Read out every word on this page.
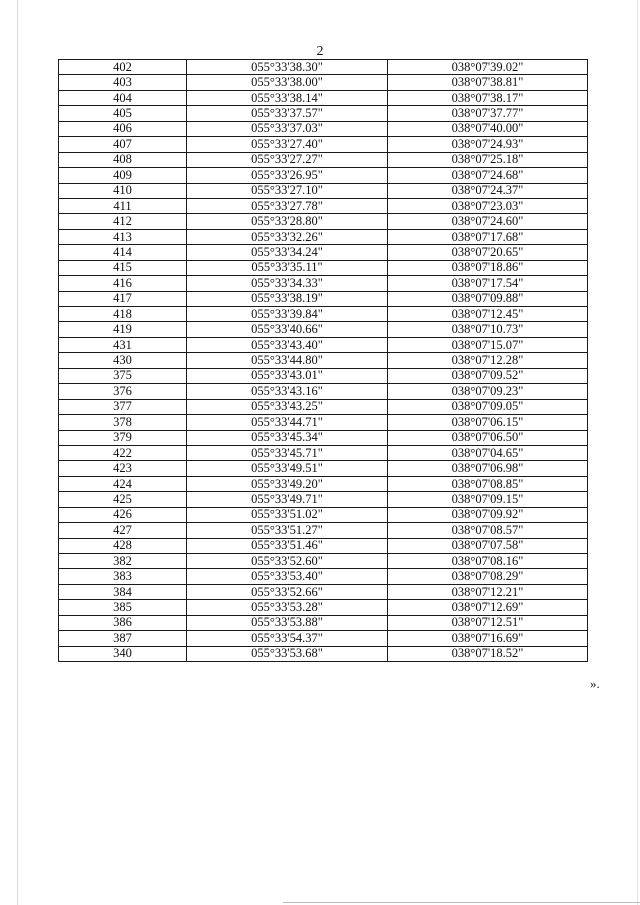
2
402	055°33'38.30"	038°07'39.02"
403	055°33'38.00"	038°07'38.81"
404	055°33'38.14"	038°07'38.17"
405	055°33'37.57"	038°07'37.77"
406	055°33'37.03"	038°07'40.00"
407	055°33'27.40"	038°07'24.93"
408	055°33'27.27"	038°07'25.18"
409	055°33'26.95"	038°07'24.68"
410	055°33'27.10"	038°07'24.37"
411	055°33'27.78"	038°07'23.03"
412	055°33'28.80"	038°07'24.60"
413	055°33'32.26"	038°07'17.68"
414	055°33'34.24"	038°07'20.65"
415	055°33'35.11"	038°07'18.86"
416	055°33'34.33"	038°07'17.54"
417	055°33'38.19"	038°07'09.88"
418	055°33'39.84"	038°07'12.45"
419	055°33'40.66"	038°07'10.73"
431	055°33'43.40"	038°07'15.07"
430	055°33'44.80"	038°07'12.28"
375	055°33'43.01"	038°07'09.52"
376	055°33'43.16"	038°07'09.23"
377	055°33'43.25"	038°07'09.05"
378	055°33'44.71"	038°07'06.15"
379	055°33'45.34"	038°07'06.50"
422	055°33'45.71"	038°07'04.65"
423	055°33'49.51"	038°07'06.98"
424	055°33'49.20"	038°07'08.85"
425	055°33'49.71"	038°07'09.15"
426	055°33'51.02"	038°07'09.92"
427	055°33'51.27"	038°07'08.57"
428	055°33'51.46"	038°07'07.58"
382	055°33'52.60"	038°07'08.16"
383	055°33'53.40"	038°07'08.29"
384	055°33'52.66"	038°07'12.21"
385	055°33'53.28"	038°07'12.69"
386	055°33'53.88"	038°07'12.51"
387	055°33'54.37"	038°07'16.69"
340	055°33'53.68"	038°07'18.52"
».
